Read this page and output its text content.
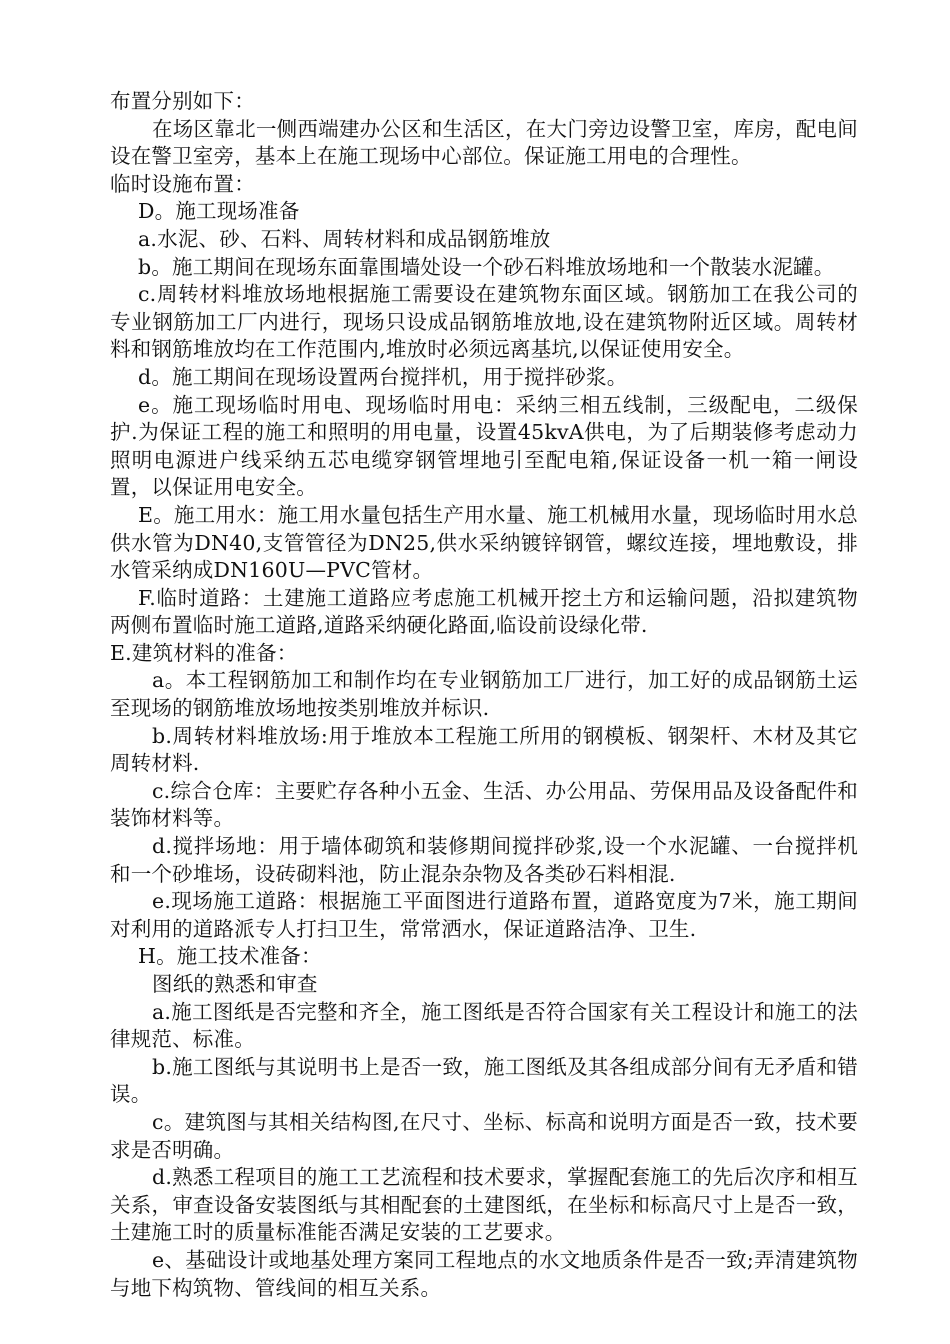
布置分别如下：

在场区靠北一侧西端建办公区和生活区，在大门旁边设警卫室，库房，配电间设在警卫室旁，基本上在施工现场中心部位。保证施工用电的合理性。

临时设施布置：

D。施工现场准备

a.水泥、砂、石料、周转材料和成品钢筋堆放

b。施工期间在现场东面靠围墙处设一个砂石料堆放场地和一个散装水泥罐。

c.周转材料堆放场地根据施工需要设在建筑物东面区域。钢筋加工在我公司的专业钢筋加工厂内进行，现场只设成品钢筋堆放地,设在建筑物附近区域。周转材料和钢筋堆放均在工作范围内,堆放时必须远离基坑,以保证使用安全。

d。施工期间在现场设置两台搅拌机，用于搅拌砂浆。

e。施工现场临时用电、现场临时用电：采纳三相五线制，三级配电，二级保护.为保证工程的施工和照明的用电量，设置45kvA供电，为了后期装修考虑动力照明电源进户线采纳五芯电缆穿钢管埋地引至配电箱,保证设备一机一箱一闸设置，以保证用电安全。

E。施工用水：施工用水量包括生产用水量、施工机械用水量，现场临时用水总供水管为DN40,支管管径为DN25,供水采纳镀锌钢管，螺纹连接，埋地敷设，排水管采纳成DN160U—PVC管材。

F.临时道路：土建施工道路应考虑施工机械开挖土方和运输问题，沿拟建筑物两侧布置临时施工道路,道路采纳硬化路面,临设前设绿化带.

E.建筑材料的准备：

a。本工程钢筋加工和制作均在专业钢筋加工厂进行，加工好的成品钢筋土运至现场的钢筋堆放场地按类别堆放并标识.

b.周转材料堆放场:用于堆放本工程施工所用的钢模板、钢架杆、木材及其它周转材料.

c.综合仓库：主要贮存各种小五金、生活、办公用品、劳保用品及设备配件和装饰材料等。

d.搅拌场地：用于墙体砌筑和装修期间搅拌砂浆,设一个水泥罐、一台搅拌机和一个砂堆场，设砖砌料池，防止混杂杂物及各类砂石料相混.

e.现场施工道路：根据施工平面图进行道路布置，道路宽度为7米，施工期间对利用的道路派专人打扫卫生，常常洒水，保证道路洁净、卫生.

H。施工技术准备：

图纸的熟悉和审查

a.施工图纸是否完整和齐全，施工图纸是否符合国家有关工程设计和施工的法律规范、标准。

b.施工图纸与其说明书上是否一致，施工图纸及其各组成部分间有无矛盾和错误。

c。建筑图与其相关结构图,在尺寸、坐标、标高和说明方面是否一致，技术要求是否明确。

d.熟悉工程项目的施工工艺流程和技术要求，掌握配套施工的先后次序和相互关系，审查设备安装图纸与其相配套的土建图纸，在坐标和标高尺寸上是否一致，土建施工时的质量标准能否满足安装的工艺要求。

e、基础设计或地基处理方案同工程地点的水文地质条件是否一致;弄清建筑物与地下构筑物、管线间的相互关系。
